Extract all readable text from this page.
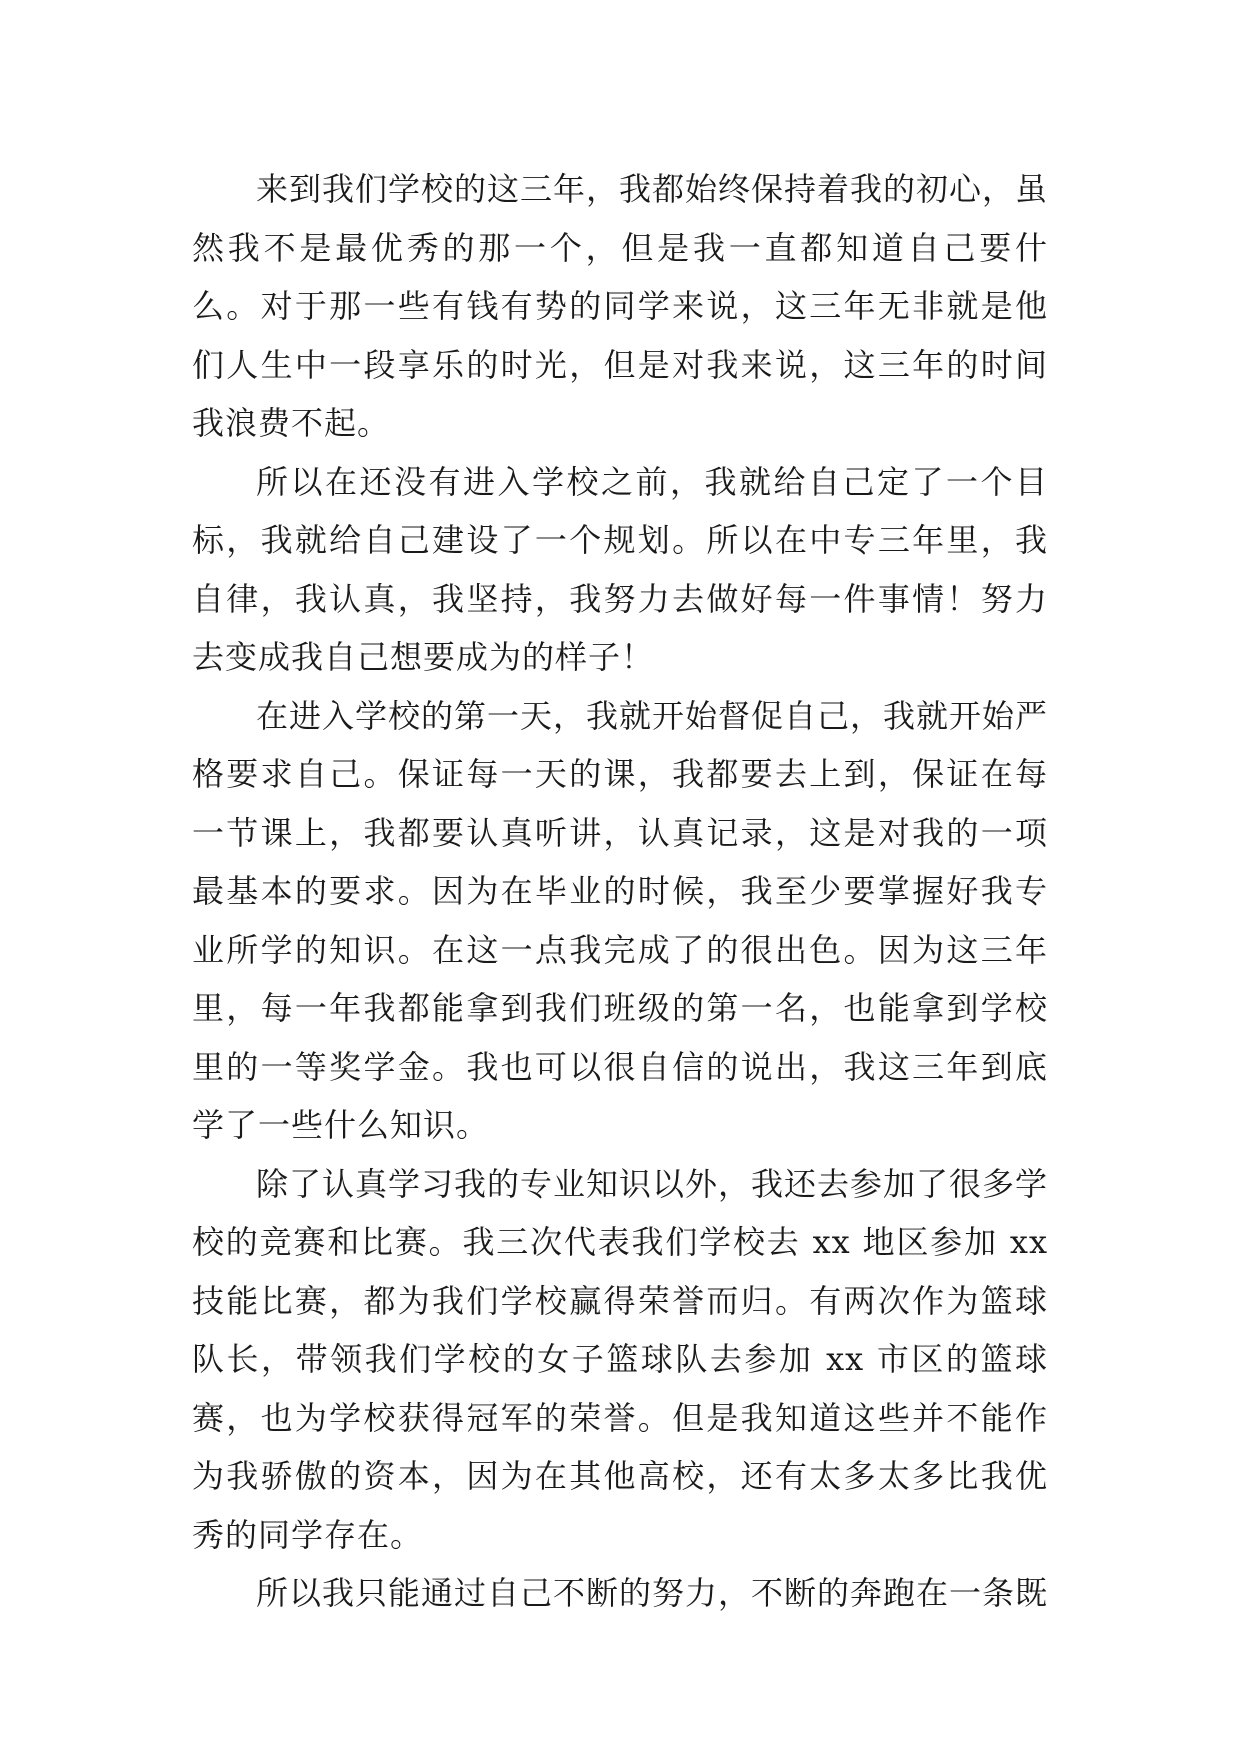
来到我们学校的这三年，我都始终保持着我的初心，虽然我不是最优秀的那一个，但是我一直都知道自己要什么。对于那一些有钱有势的同学来说，这三年无非就是他们人生中一段享乐的时光，但是对我来说，这三年的时间我浪费不起。

所以在还没有进入学校之前，我就给自己定了一个目标，我就给自己建设了一个规划。所以在中专三年里，我自律，我认真，我坚持，我努力去做好每一件事情！努力去变成我自己想要成为的样子！

在进入学校的第一天，我就开始督促自己，我就开始严格要求自己。保证每一天的课，我都要去上到，保证在每一节课上，我都要认真听讲，认真记录，这是对我的一项最基本的要求。因为在毕业的时候，我至少要掌握好我专业所学的知识。在这一点我完成了的很出色。因为这三年里，每一年我都能拿到我们班级的第一名，也能拿到学校里的一等奖学金。我也可以很自信的说出，我这三年到底学了一些什么知识。

除了认真学习我的专业知识以外，我还去参加了很多学校的竞赛和比赛。我三次代表我们学校去 xx 地区参加 xx 技能比赛，都为我们学校赢得荣誉而归。有两次作为篮球队长，带领我们学校的女子篮球队去参加 xx 市区的篮球赛，也为学校获得冠军的荣誉。但是我知道这些并不能作为我骄傲的资本，因为在其他高校，还有太多太多比我优秀的同学存在。

所以我只能通过自己不断的努力，不断的奔跑在一条既
